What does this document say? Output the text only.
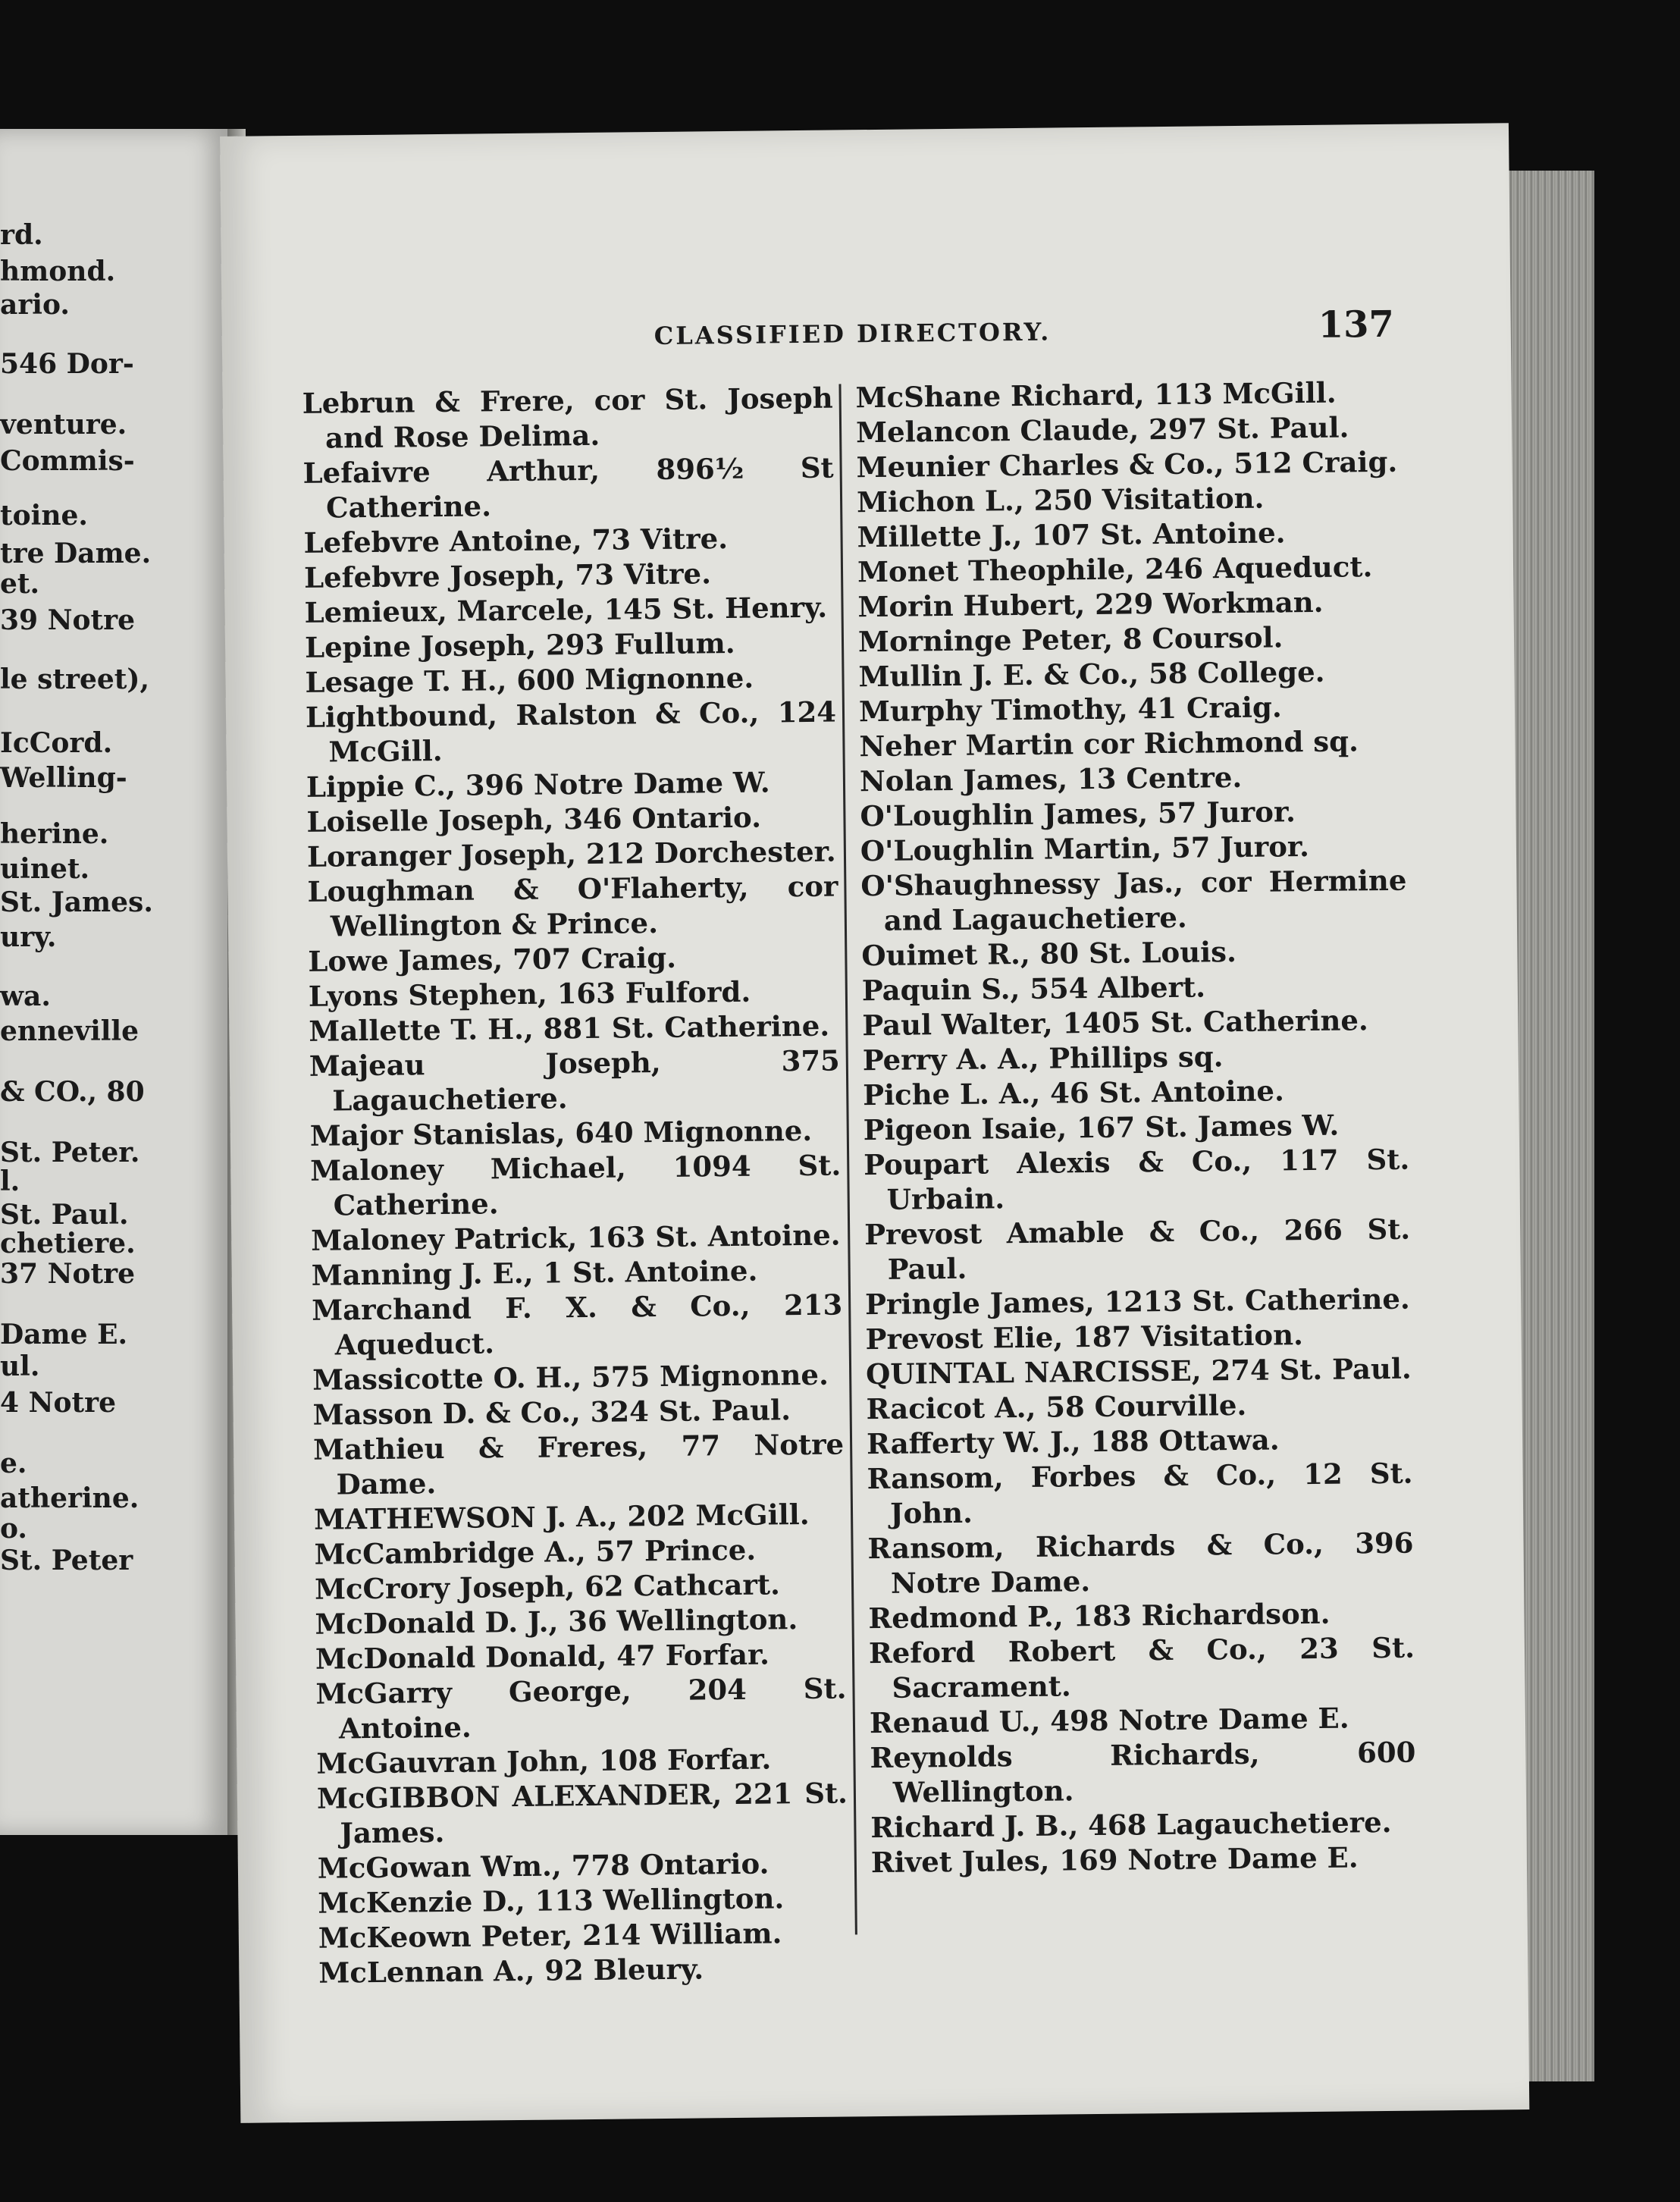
rd.
hmond.
ario.
546 Dor-
venture.
Commis-
toine.
tre Dame.
et.
39 Notre
le street),
IcCord.
Welling-
herine.
uinet.
St. James.
ury.
wa.
enneville
& CO., 80
St. Peter.
l.
St. Paul.
chetiere.
37 Notre
Dame E.
ul.
4 Notre
e.
atherine.
o.
St. Peter
CLASSIFIED DIRECTORY.	137
Lebrun & Frere, cor St. Joseph and Rose Delima.
Lefaivre Arthur, 896½ St Catherine.
Lefebvre Antoine, 73 Vitre.
Lefebvre Joseph, 73 Vitre.
Lemieux, Marcele, 145 St. Henry.
Lepine Joseph, 293 Fullum.
Lesage T. H., 600 Mignonne.
Lightbound, Ralston & Co., 124 McGill.
Lippie C., 396 Notre Dame W.
Loiselle Joseph, 346 Ontario.
Loranger Joseph, 212 Dorchester.
Loughman & O'Flaherty, cor Wellington & Prince.
Lowe James, 707 Craig.
Lyons Stephen, 163 Fulford.
Mallette T. H., 881 St. Catherine.
Majeau Joseph, 375 Lagauchetiere.
Major Stanislas, 640 Mignonne.
Maloney Michael, 1094 St. Catherine.
Maloney Patrick, 163 St. Antoine.
Manning J. E., 1 St. Antoine.
Marchand F. X. & Co., 213 Aqueduct.
Massicotte O. H., 575 Mignonne.
Masson D. & Co., 324 St. Paul.
Mathieu & Freres, 77 Notre Dame.
MATHEWSON J. A., 202 McGill.
McCambridge A., 57 Prince.
McCrory Joseph, 62 Cathcart.
McDonald D. J., 36 Wellington.
McDonald Donald, 47 Forfar.
McGarry George, 204 St. Antoine.
McGauvran John, 108 Forfar.
McGIBBON ALEXANDER, 221 St. James.
McGowan Wm., 778 Ontario.
McKenzie D., 113 Wellington.
McKeown Peter, 214 William.
McLennan A., 92 Bleury.
McShane Richard, 113 McGill.
Melancon Claude, 297 St. Paul.
Meunier Charles & Co., 512 Craig.
Michon L., 250 Visitation.
Millette J., 107 St. Antoine.
Monet Theophile, 246 Aqueduct.
Morin Hubert, 229 Workman.
Morninge Peter, 8 Coursol.
Mullin J. E. & Co., 58 College.
Murphy Timothy, 41 Craig.
Neher Martin cor Richmond sq.
Nolan James, 13 Centre.
O'Loughlin James, 57 Juror.
O'Loughlin Martin, 57 Juror.
O'Shaughnessy Jas., cor Hermine and Lagauchetiere.
Ouimet R., 80 St. Louis.
Paquin S., 554 Albert.
Paul Walter, 1405 St. Catherine.
Perry A. A., Phillips sq.
Piche L. A., 46 St. Antoine.
Pigeon Isaie, 167 St. James W.
Poupart Alexis & Co., 117 St. Urbain.
Prevost Amable & Co., 266 St. Paul.
Pringle James, 1213 St. Catherine.
Prevost Elie, 187 Visitation.
QUINTAL NARCISSE, 274 St. Paul.
Racicot A., 58 Courville.
Rafferty W. J., 188 Ottawa.
Ransom, Forbes & Co., 12 St. John.
Ransom, Richards & Co., 396 Notre Dame.
Redmond P., 183 Richardson.
Reford Robert & Co., 23 St. Sacrament.
Renaud U., 498 Notre Dame E.
Reynolds Richards, 600 Wellington.
Richard J. B., 468 Lagauchetiere.
Rivet Jules, 169 Notre Dame E.
